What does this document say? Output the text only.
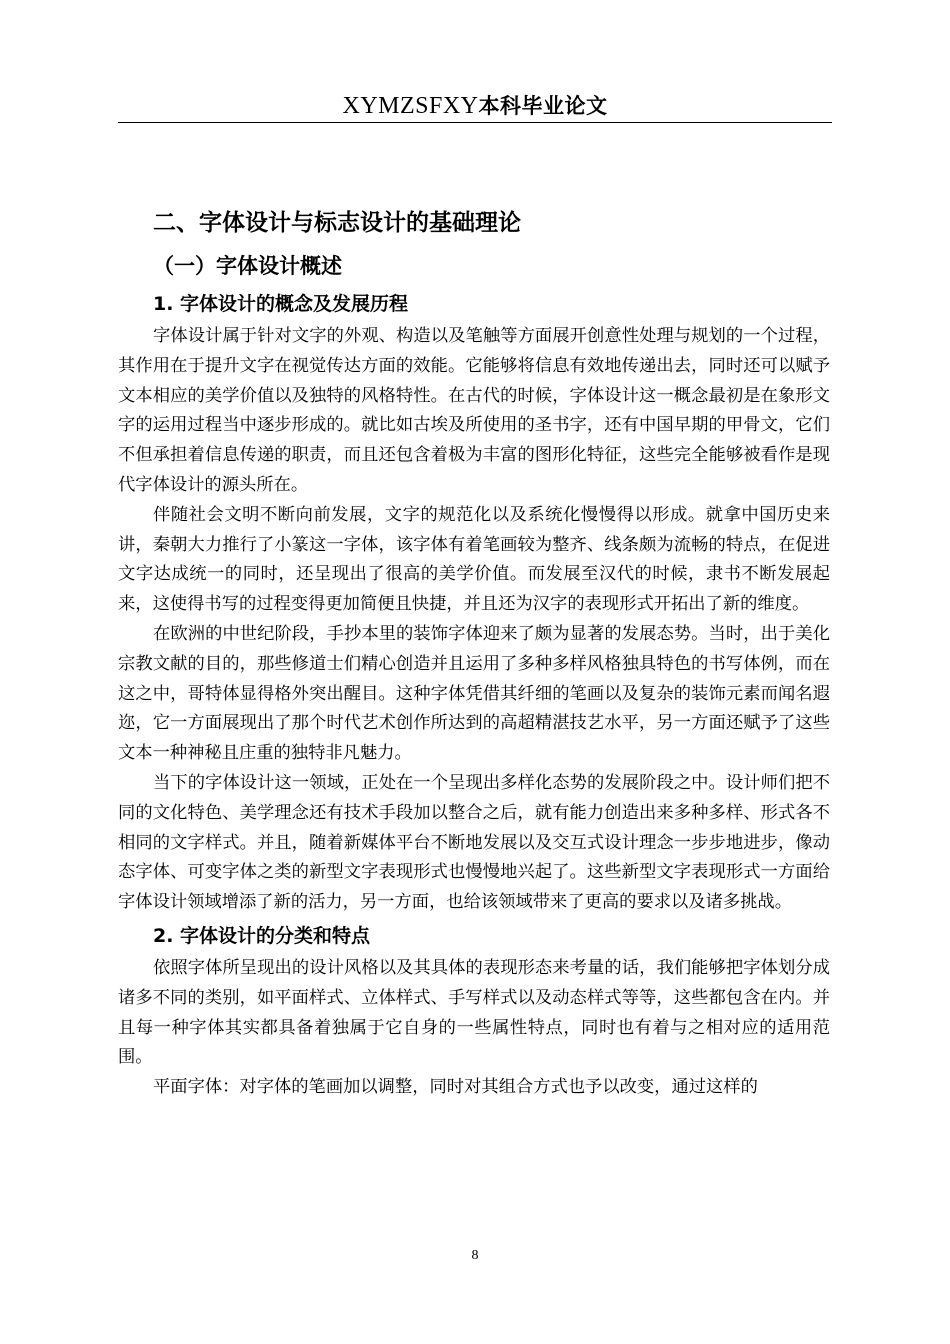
XYMZSFXY本科毕业论文
二、字体设计与标志设计的基础理论
（一）字体设计概述
1. 字体设计的概念及发展历程

字体设计属于针对文字的外观、构造以及笔触等方面展开创意性处理与规划的一个过程，其作用在于提升文字在视觉传达方面的效能。它能够将信息有效地传递出去，同时还可以赋予文本相应的美学价值以及独特的风格特性。在古代的时候，字体设计这一概念最初是在象形文字的运用过程当中逐步形成的。就比如古埃及所使用的圣书字，还有中国早期的甲骨文，它们不但承担着信息传递的职责，而且还包含着极为丰富的图形化特征，这些完全能够被看作是现代字体设计的源头所在。

伴随社会文明不断向前发展，文字的规范化以及系统化慢慢得以形成。就拿中国历史来讲，秦朝大力推行了小篆这一字体，该字体有着笔画较为整齐、线条颇为流畅的特点，在促进文字达成统一的同时，还呈现出了很高的美学价值。而发展至汉代的时候，隶书不断发展起来，这使得书写的过程变得更加简便且快捷，并且还为汉字的表现形式开拓出了新的维度。

在欧洲的中世纪阶段，手抄本里的装饰字体迎来了颇为显著的发展态势。当时，出于美化宗教文献的目的，那些修道士们精心创造并且运用了多种多样风格独具特色的书写体例，而在这之中，哥特体显得格外突出醒目。这种字体凭借其纤细的笔画以及复杂的装饰元素而闻名遐迩，它一方面展现出了那个时代艺术创作所达到的高超精湛技艺水平，另一方面还赋予了这些文本一种神秘且庄重的独特非凡魅力。

当下的字体设计这一领域，正处在一个呈现出多样化态势的发展阶段之中。设计师们把不同的文化特色、美学理念还有技术手段加以整合之后，就有能力创造出来多种多样、形式各不相同的文字样式。并且，随着新媒体平台不断地发展以及交互式设计理念一步步地进步，像动态字体、可变字体之类的新型文字表现形式也慢慢地兴起了。这些新型文字表现形式一方面给字体设计领域增添了新的活力，另一方面，也给该领域带来了更高的要求以及诸多挑战。

2. 字体设计的分类和特点

依照字体所呈现出的设计风格以及其具体的表现形态来考量的话，我们能够把字体划分成诸多不同的类别，如平面样式、立体样式、手写样式以及动态样式等等，这些都包含在内。并且每一种字体其实都具备着独属于它自身的一些属性特点，同时也有着与之相对应的适用范围。

平面字体：对字体的笔画加以调整，同时对其组合方式也予以改变，通过这样的

8
